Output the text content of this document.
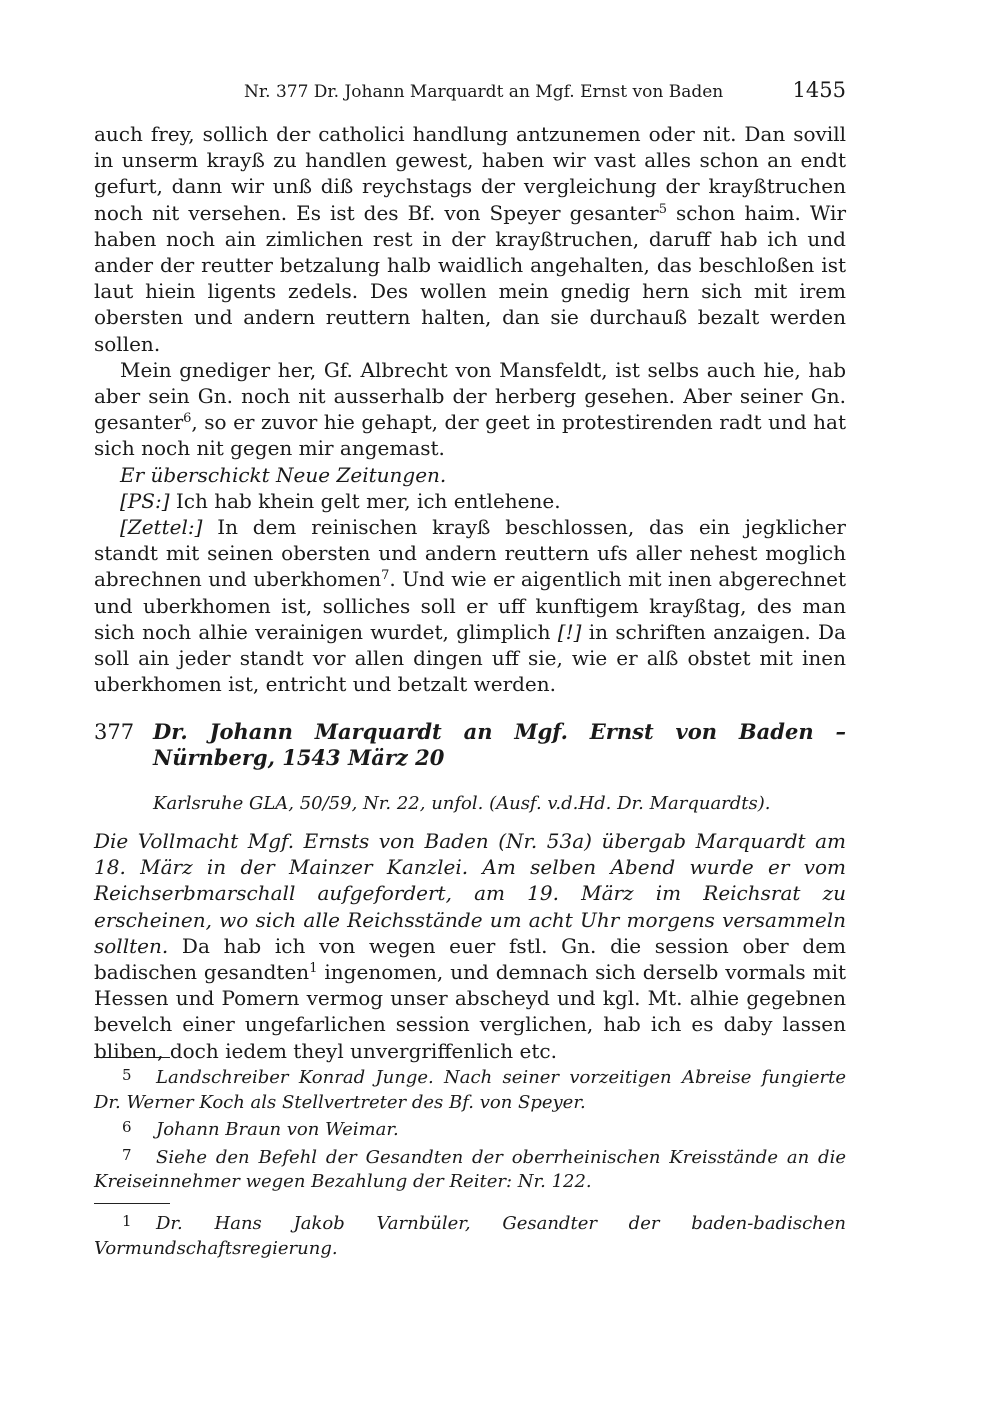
Nr. 377 Dr. Johann Marquardt an Mgf. Ernst von Baden	1455

auch frey, sollich der catholici handlung antzunemen oder nit. Dan sovill in unserm krayß zu handlen gewest, haben wir vast alles schon an endt gefurt, dann wir unß diß reychstags der vergleichung der krayßtruchen noch nit versehen. Es ist des Bf. von Speyer gesanter$^5$ schon haim. Wir haben noch ain zimlichen rest in der krayßtruchen, daruff hab ich und ander der reutter betzalung halb waidlich angehalten, das beschloßen ist laut hiein ligents zedels. Des wollen mein gnedig hern sich mit irem obersten und andern reuttern halten, dan sie durchauß bezalt werden sollen.

Mein gnediger her, Gf. Albrecht von Mansfeldt, ist selbs auch hie, hab aber sein Gn. noch nit ausserhalb der herberg gesehen. Aber seiner Gn. gesanter$^6$, so er zuvor hie gehapt, der geet in protestirenden radt und hat sich noch nit gegen mir angemast.

Er überschickt Neue Zeitungen.

[PS:] Ich hab khein gelt mer, ich entlehene.

[Zettel:] In dem reinischen krayß beschlossen, das ein jegklicher standt mit seinen obersten und andern reuttern ufs aller nehest moglich abrechnen und uberkhomen$^7$. Und wie er aigentlich mit inen abgerechnet und uberkhomen ist, solliches soll er uff kunftigem krayßtag, des man sich noch alhie verainigen wurdet, glimplich [!] in schriften anzaigen. Da soll ain jeder standt vor allen dingen uff sie, wie er alß obstet mit inen uberkhomen ist, entricht und betzalt werden.

5 Landschreiber Konrad Junge. Nach seiner vorzeitigen Abreise fungierte Dr. Werner Koch als Stellvertreter des Bf. von Speyer.

6 Johann Braun von Weimar.

7 Siehe den Befehl der Gesandten der oberrheinischen Kreisstände an die Kreiseinnehmer wegen Bezahlung der Reiter: Nr. 122.

377 Dr. Johann Marquardt an Mgf. Ernst von Baden – Nürnberg, 1543 März 20
Karlsruhe GLA, 50/59, Nr. 22, unfol. (Ausf. v.d.Hd. Dr. Marquardts).

Die Vollmacht Mgf. Ernsts von Baden (Nr. 53a) übergab Marquardt am 18. März in der Mainzer Kanzlei. Am selben Abend wurde er vom Reichserbmarschall aufgefordert, am 19. März im Reichsrat zu erscheinen, wo sich alle Reichsstände um acht Uhr morgens versammeln sollten. Da hab ich von wegen euer fstl. Gn. die session ober dem badischen gesandten$^1$ ingenomen, und demnach sich derselb vormals mit Hessen und Pomern vermog unser abscheyd und kgl. Mt. alhie gegebnen bevelch einer ungefarlichen session verglichen, hab ich es daby lassen bliben, doch iedem theyl unvergriffenlich etc.

1 Dr. Hans Jakob Varnbüler, Gesandter der baden-badischen Vormundschaftsregierung.
